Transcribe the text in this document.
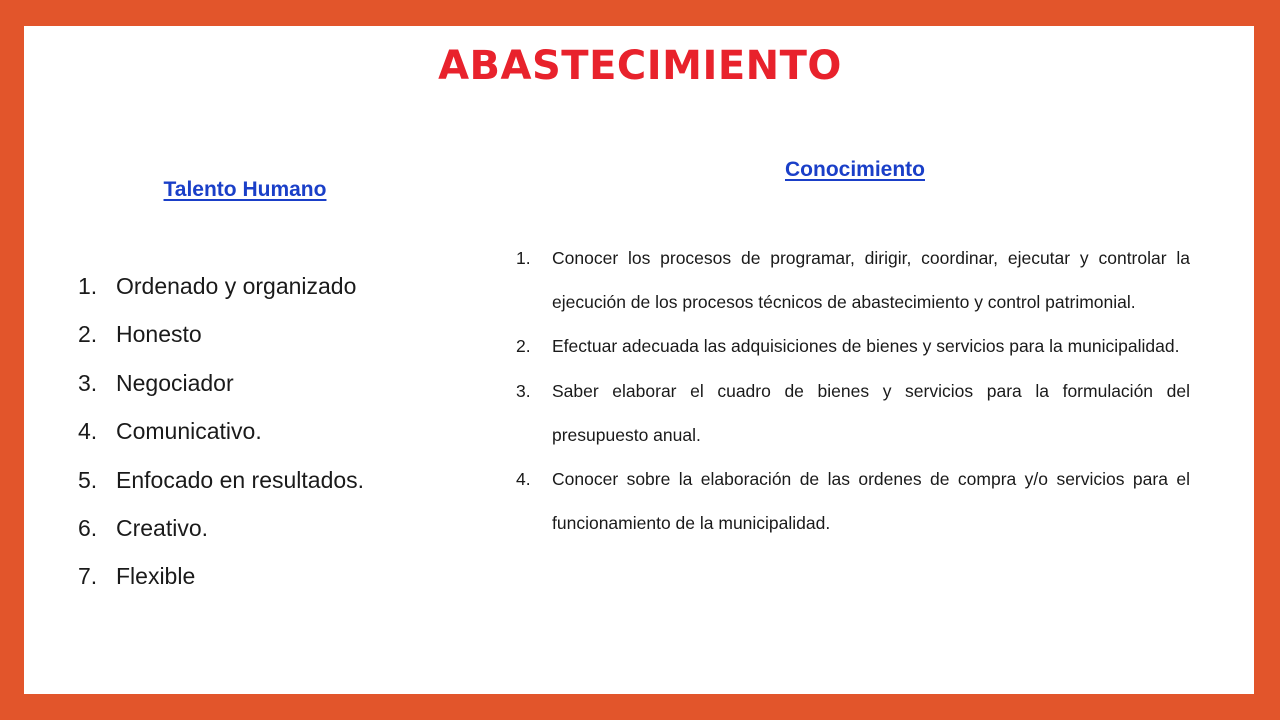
ABASTECIMIENTO
Talento Humano
1. Ordenado y organizado
2. Honesto
3. Negociador
4. Comunicativo.
5. Enfocado en resultados.
6. Creativo.
7. Flexible
Conocimiento
1.	Conocer los procesos de programar, dirigir, coordinar, ejecutar y controlar la ejecución de los procesos técnicos de abastecimiento y control patrimonial.
2.	Efectuar adecuada las adquisiciones de bienes y servicios para la municipalidad.
3.	Saber elaborar el cuadro de bienes y servicios para la formulación del presupuesto anual.
4.	Conocer sobre la elaboración de las ordenes de compra y/o servicios para el funcionamiento de la municipalidad.
